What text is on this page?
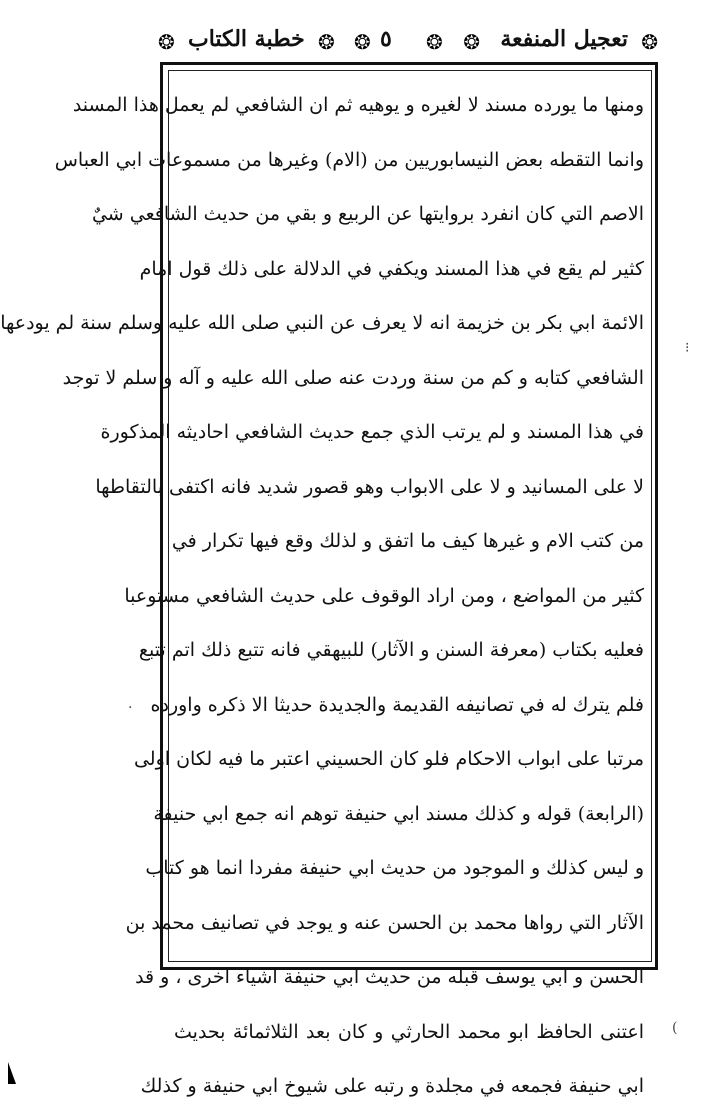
❂
تعجيل المنفعة
❂
❂
٥
❂
❂
خطبة الكتاب
❂
ومنها ما يورده مسند لا لغيره و يوهيه ثم ان الشافعي لم يعمل هذا المسند
وانما التقطه بعض النيسابوريين من (الام) وغيرها من مسموعات ابي العباس
الاصم التي كان انفرد بروايتها عن الربيع و بقي من حديث الشافعي شيٌ
كثير لم يقع في هذا المسند ويكفي في الدلالة على ذلك قول امام
الائمة ابي بكر بن خزيمة انه لا يعرف عن النبي صلى الله عليه وسلم سنة لم يودعها
الشافعي كتابه و كم من سنة وردت عنه صلى الله عليه و آله و سلم لا توجد
في هذا المسند و لم يرتب الذي جمع حديث الشافعي احاديثه المذكورة
لا على المسانيد و لا على الابواب وهو قصور شديد فانه اكتفى بالتقاطها
من كتب الام و غيرها كيف ما اتفق و لذلك وقع فيها تكرار في
كثير من المواضع ، ومن اراد الوقوف على حديث الشافعي مستوعبا
فعليه بكتاب (معرفة السنن و الآثار) للبيهقي فانه تتبع ذلك اتم تتبع
فلم يترك له في تصانيفه القديمة والجديدة حديثا الا ذكره واورده
مرتبا على ابواب الاحكام فلو كان الحسيني اعتبر ما فيه لكان اولى
(الرابعة) قوله و كذلك مسند ابي حنيفة توهم انه جمع ابي حنيفة
و ليس كذلك و الموجود من حديث ابي حنيفة مفردا انما هو كتاب
الآثار التي رواها محمد بن الحسن عنه و يوجد في تصانيف محمد بن
الحسن و ابي يوسف قبله من حديث ابي حنيفة اشياء اخرى ، و قد
اعتنى الحافظ ابو محمد الحارثي و كان بعد الثلاثمائة بحديث
ابي حنيفة فجمعه في مجلدة و رتبه على شيوخ ابي حنيفة و كذلك
⁝
·
(
